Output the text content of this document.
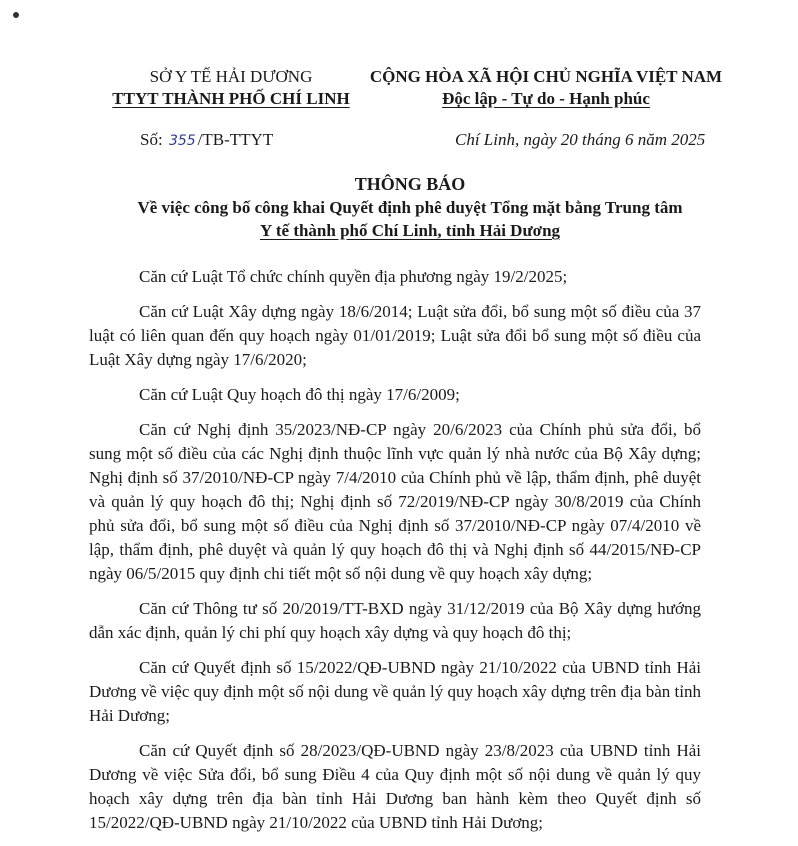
SỞ Y TẾ HẢI DƯƠNG
TTYT THÀNH PHỐ CHÍ LINH
CỘNG HÒA XÃ HỘI CHỦ NGHĨA VIỆT NAM
Độc lập - Tự do - Hạnh phúc
Số: 355 /TB-TTYT	Chí Linh, ngày 20 tháng 6 năm 2025
THÔNG BÁO
Về việc công bố công khai Quyết định phê duyệt Tổng mặt bằng Trung tâm
Y tế thành phố Chí Linh, tỉnh Hải Dương

Căn cứ Luật Tổ chức chính quyền địa phương ngày 19/2/2025;

Căn cứ Luật Xây dựng ngày 18/6/2014; Luật sửa đổi, bổ sung một số điều của 37 luật có liên quan đến quy hoạch ngày 01/01/2019; Luật sửa đổi bổ sung một số điều của Luật Xây dựng ngày 17/6/2020;

Căn cứ Luật Quy hoạch đô thị ngày 17/6/2009;

Căn cứ Nghị định 35/2023/NĐ-CP ngày 20/6/2023 của Chính phủ sửa đổi, bổ sung một số điều của các Nghị định thuộc lĩnh vực quản lý nhà nước của Bộ Xây dựng; Nghị định số 37/2010/NĐ-CP ngày 7/4/2010 của Chính phủ về lập, thẩm định, phê duyệt và quản lý quy hoạch đô thị; Nghị định số 72/2019/NĐ-CP ngày 30/8/2019 của Chính phủ sửa đổi, bổ sung một số điều của Nghị định số 37/2010/NĐ-CP ngày 07/4/2010 về lập, thẩm định, phê duyệt và quản lý quy hoạch đô thị và Nghị định số 44/2015/NĐ-CP ngày 06/5/2015 quy định chi tiết một số nội dung về quy hoạch xây dựng;

Căn cứ Thông tư số 20/2019/TT-BXD ngày 31/12/2019 của Bộ Xây dựng hướng dẫn xác định, quản lý chi phí quy hoạch xây dựng và quy hoạch đô thị;

Căn cứ Quyết định số 15/2022/QĐ-UBND ngày 21/10/2022 của UBND tỉnh Hải Dương về việc quy định một số nội dung về quản lý quy hoạch xây dựng trên địa bàn tỉnh Hải Dương;

Căn cứ Quyết định số 28/2023/QĐ-UBND ngày 23/8/2023 của UBND tỉnh Hải Dương về việc Sửa đổi, bổ sung Điều 4 của Quy định một số nội dung về quản lý quy hoạch xây dựng trên địa bàn tỉnh Hải Dương ban hành kèm theo Quyết định số 15/2022/QĐ-UBND ngày 21/10/2022 của UBND tỉnh Hải Dương;
